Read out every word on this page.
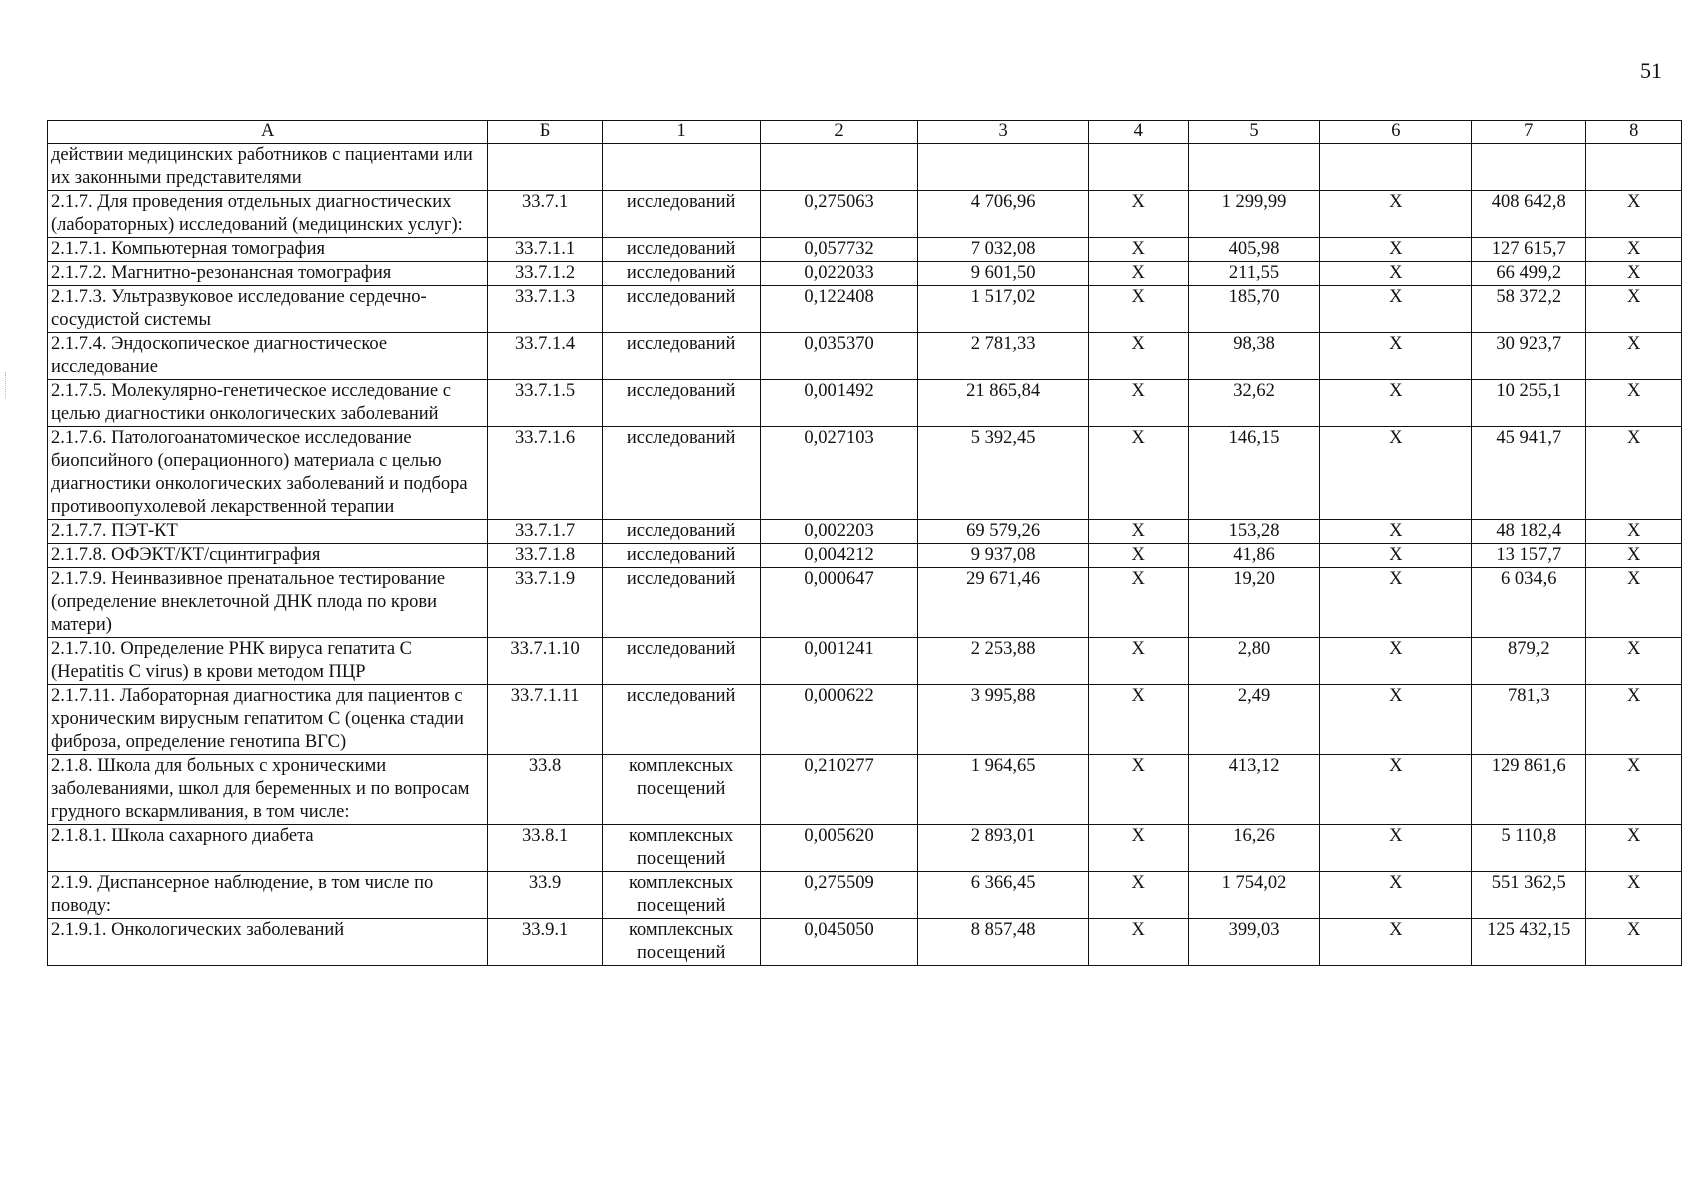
51
А	Б	1	2	3	4	5	6	7	8
действии медицинских работников с пациентами или их законными представителями									
2.1.7. Для проведения отдельных диагностических (лабораторных) исследований (медицинских услуг):	33.7.1	исследований	0,275063	4 706,96	Х	1 299,99	Х	408 642,8	Х
2.1.7.1. Компьютерная томография	33.7.1.1	исследований	0,057732	7 032,08	Х	405,98	Х	127 615,7	Х
2.1.7.2. Магнитно-резонансная томография	33.7.1.2	исследований	0,022033	9 601,50	Х	211,55	Х	66 499,2	Х
2.1.7.3. Ультразвуковое исследование сердечно-сосудистой системы	33.7.1.3	исследований	0,122408	1 517,02	Х	185,70	Х	58 372,2	Х
2.1.7.4. Эндоскопическое диагностическое исследование	33.7.1.4	исследований	0,035370	2 781,33	Х	98,38	Х	30 923,7	Х
2.1.7.5. Молекулярно-генетическое исследование с целью диагностики онкологических заболеваний	33.7.1.5	исследований	0,001492	21 865,84	Х	32,62	Х	10 255,1	Х
2.1.7.6. Патологоанатомическое исследование биопсийного (операционного) материала с целью диагностики онкологических заболеваний и подбора противоопухолевой лекарственной терапии	33.7.1.6	исследований	0,027103	5 392,45	Х	146,15	Х	45 941,7	Х
2.1.7.7. ПЭТ-КТ	33.7.1.7	исследований	0,002203	69 579,26	Х	153,28	Х	48 182,4	Х
2.1.7.8. ОФЭКТ/КТ/сцинтиграфия	33.7.1.8	исследований	0,004212	9 937,08	Х	41,86	Х	13 157,7	Х
2.1.7.9. Неинвазивное пренатальное тестирование (определение внеклеточной ДНК плода по крови матери)	33.7.1.9	исследований	0,000647	29 671,46	Х	19,20	Х	6 034,6	Х
2.1.7.10. Определение РНК вируса гепатита С (Hepatitis C virus) в крови методом ПЦР	33.7.1.10	исследований	0,001241	2 253,88	Х	2,80	Х	879,2	Х
2.1.7.11. Лабораторная диагностика для пациентов с хроническим вирусным гепатитом С (оценка стадии фиброза, определение генотипа ВГС)	33.7.1.11	исследований	0,000622	3 995,88	Х	2,49	Х	781,3	Х
2.1.8. Школа для больных с хроническими заболеваниями, школ для беременных и по вопросам грудного вскармливания, в том числе:	33.8	комплексных посещений	0,210277	1 964,65	Х	413,12	Х	129 861,6	Х
2.1.8.1. Школа сахарного диабета	33.8.1	комплексных посещений	0,005620	2 893,01	Х	16,26	Х	5 110,8	Х
2.1.9. Диспансерное наблюдение, в том числе по поводу:	33.9	комплексных посещений	0,275509	6 366,45	Х	1 754,02	Х	551 362,5	Х
2.1.9.1. Онкологических заболеваний	33.9.1	комплексных посещений	0,045050	8 857,48	Х	399,03	Х	125 432,15	Х
